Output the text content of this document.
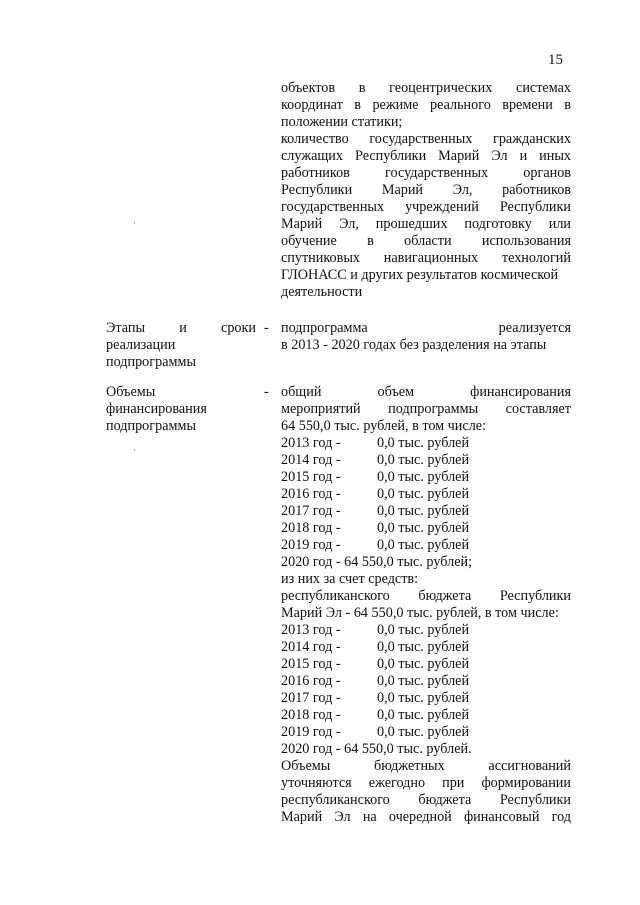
15
объектов в геоцентрических системах
координат в режиме реального времени в
положении статики;
количество государственных гражданских
служащих Республики Марий Эл и иных
работников государственных органов
Республики Марий Эл, работников
государственных учреждений Республики
Марий Эл, прошедших подготовку или
обучение в области использования
спутниковых навигационных технологий
ГЛОНАСС и других результатов космической
деятельности
Этапы и сроки
реализации
подпрограммы
- подпрограмма реализуется
в 2013 - 2020 годах без разделения на этапы
Объемы
финансирования
подпрограммы
- общий объем финансирования
мероприятий подпрограммы составляет
64 550,0 тыс. рублей, в том числе:
2013 год -	0,0 тыс. рублей
2014 год -	0,0 тыс. рублей
2015 год -	0,0 тыс. рублей
2016 год -	0,0 тыс. рублей
2017 год -	0,0 тыс. рублей
2018 год -	0,0 тыс. рублей
2019 год -	0,0 тыс. рублей
2020 год - 64 550,0 тыс. рублей;
из них за счет средств:
республиканского бюджета Республики
Марий Эл - 64 550,0 тыс. рублей, в том числе:
2013 год -	0,0 тыс. рублей
2014 год -	0,0 тыс. рублей
2015 год -	0,0 тыс. рублей
2016 год -	0,0 тыс. рублей
2017 год -	0,0 тыс. рублей
2018 год -	0,0 тыс. рублей
2019 год -	0,0 тыс. рублей
2020 год - 64 550,0 тыс. рублей.
Объемы бюджетных ассигнований
уточняются ежегодно при формировании
республиканского бюджета Республики
Марий Эл на очередной финансовый год
·
·
